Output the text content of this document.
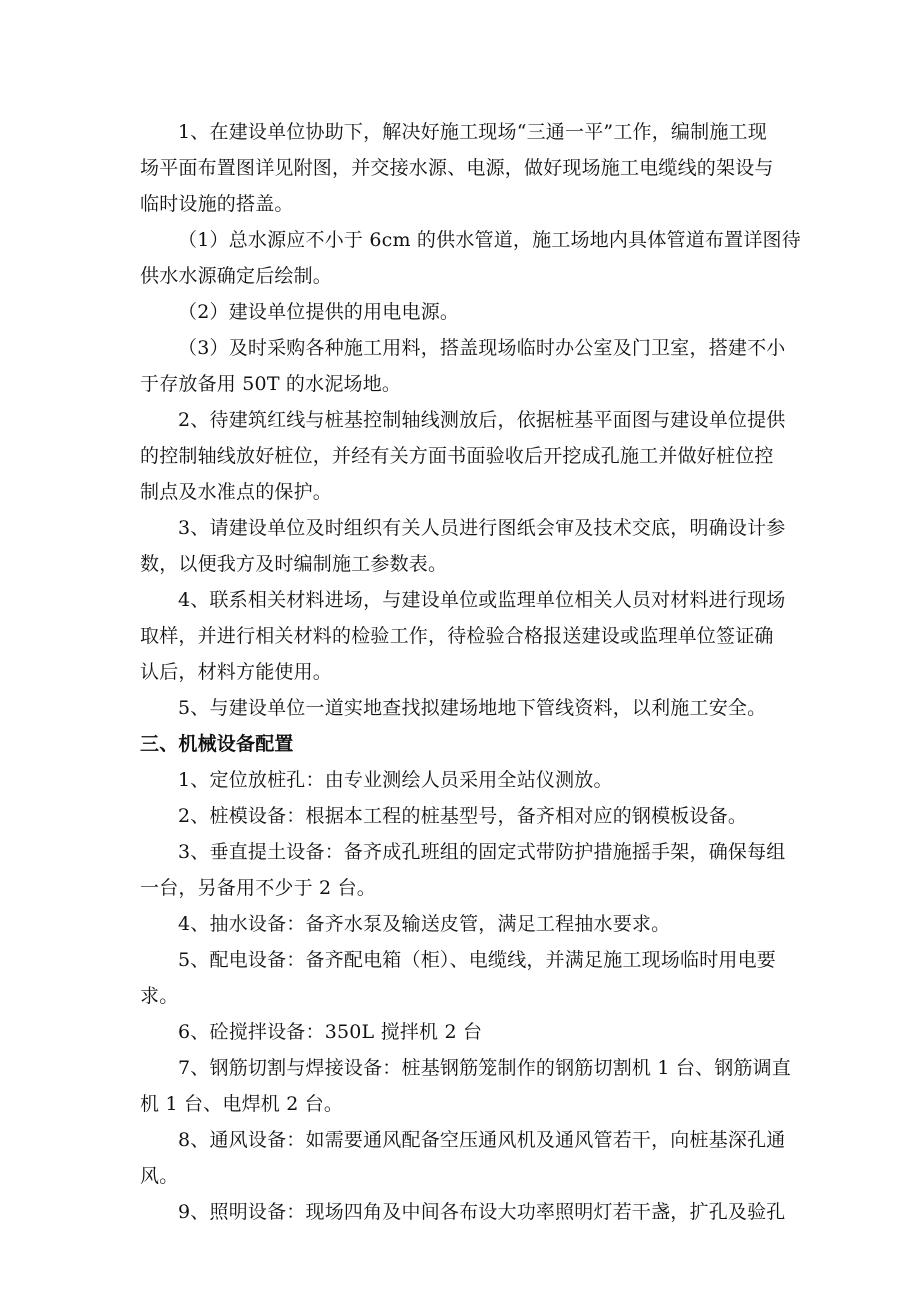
1、在建设单位协助下，解决好施工现场“三通一平”工作，编制施工现
场平面布置图详见附图，并交接水源、电源，做好现场施工电缆线的架设与
临时设施的搭盖。
（1）总水源应不小于 6cm 的供水管道，施工场地内具体管道布置详图待
供水水源确定后绘制。
（2）建设单位提供的用电电源。
（3）及时采购各种施工用料，搭盖现场临时办公室及门卫室，搭建不小
于存放备用 50T 的水泥场地。
2、待建筑红线与桩基控制轴线测放后，依据桩基平面图与建设单位提供
的控制轴线放好桩位，并经有关方面书面验收后开挖成孔施工并做好桩位控
制点及水准点的保护。
3、请建设单位及时组织有关人员进行图纸会审及技术交底，明确设计参
数，以便我方及时编制施工参数表。
4、联系相关材料进场，与建设单位或监理单位相关人员对材料进行现场
取样，并进行相关材料的检验工作，待检验合格报送建设或监理单位签证确
认后，材料方能使用。
5、与建设单位一道实地查找拟建场地地下管线资料，以利施工安全。
三、机械设备配置
1、定位放桩孔：由专业测绘人员采用全站仪测放。
2、桩模设备：根据本工程的桩基型号，备齐相对应的钢模板设备。
3、垂直提土设备：备齐成孔班组的固定式带防护措施摇手架，确保每组
一台，另备用不少于 2 台。
4、抽水设备：备齐水泵及输送皮管，满足工程抽水要求。
5、配电设备：备齐配电箱（柜）、电缆线，并满足施工现场临时用电要
求。
6、砼搅拌设备：350L 搅拌机 2 台
7、钢筋切割与焊接设备：桩基钢筋笼制作的钢筋切割机 1 台、钢筋调直
机 1 台、电焊机 2 台。
8、通风设备：如需要通风配备空压通风机及通风管若干，向桩基深孔通
风。
9、照明设备：现场四角及中间各布设大功率照明灯若干盏，扩孔及验孔
